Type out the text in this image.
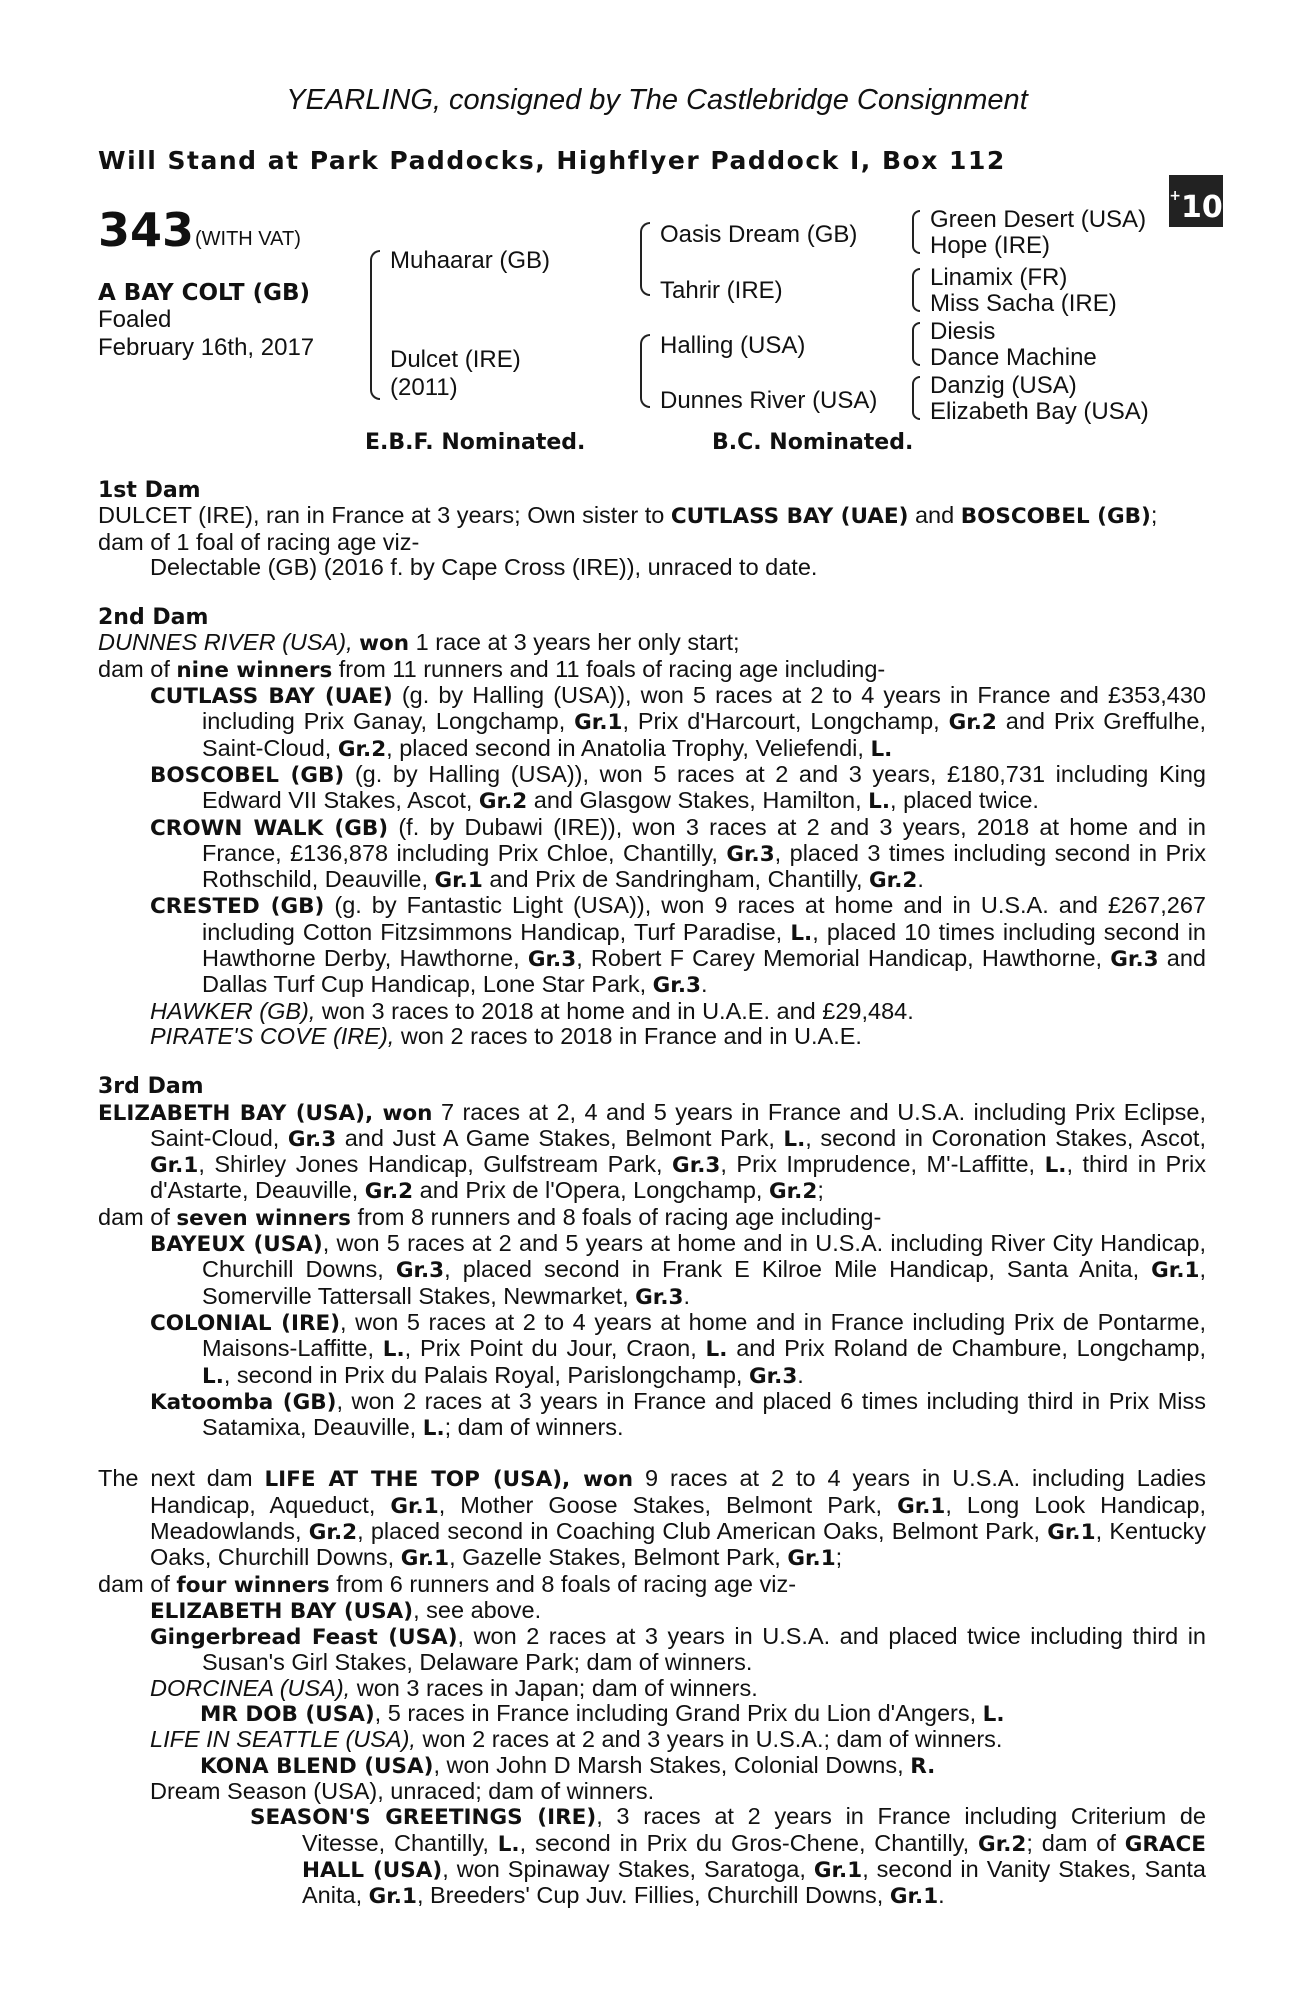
YEARLING, consigned by The Castlebridge Consignment
Will Stand at Park Paddocks, Highflyer Paddock I, Box 112
+10
343 (WITH VAT)
A BAY COLT (GB)
Foaled
February 16th, 2017
Muhaarar (GB)
Dulcet (IRE)
(2011)
Oasis Dream (GB)
Tahrir (IRE)
Halling (USA)
Dunnes River (USA)
Green Desert (USA)
Hope (IRE)
Linamix (FR)
Miss Sacha (IRE)
Diesis
Dance Machine
Danzig (USA)
Elizabeth Bay (USA)
E.B.F. Nominated.	B.C. Nominated.
1st Dam

DULCET (IRE), ran in France at 3 years; Own sister to CUTLASS BAY (UAE) and BOSCOBEL (GB);

dam of 1 foal of racing age viz-

Delectable (GB) (2016 f. by Cape Cross (IRE)), unraced to date.

2nd Dam

DUNNES RIVER (USA), won 1 race at 3 years her only start;

dam of nine winners from 11 runners and 11 foals of racing age including-

CUTLASS BAY (UAE) (g. by Halling (USA)), won 5 races at 2 to 4 years in France and £353,430 including Prix Ganay, Longchamp, Gr.1, Prix d'Harcourt, Longchamp, Gr.2 and Prix Greffulhe, Saint-Cloud, Gr.2, placed second in Anatolia Trophy, Veliefendi, L.

BOSCOBEL (GB) (g. by Halling (USA)), won 5 races at 2 and 3 years, £180,731 including King Edward VII Stakes, Ascot, Gr.2 and Glasgow Stakes, Hamilton, L., placed twice.

CROWN WALK (GB) (f. by Dubawi (IRE)), won 3 races at 2 and 3 years, 2018 at home and in France, £136,878 including Prix Chloe, Chantilly, Gr.3, placed 3 times including second in Prix Rothschild, Deauville, Gr.1 and Prix de Sandringham, Chantilly, Gr.2.

CRESTED (GB) (g. by Fantastic Light (USA)), won 9 races at home and in U.S.A. and £267,267 including Cotton Fitzsimmons Handicap, Turf Paradise, L., placed 10 times including second in Hawthorne Derby, Hawthorne, Gr.3, Robert F Carey Memorial Handicap, Hawthorne, Gr.3 and Dallas Turf Cup Handicap, Lone Star Park, Gr.3.

HAWKER (GB), won 3 races to 2018 at home and in U.A.E. and £29,484.

PIRATE'S COVE (IRE), won 2 races to 2018 in France and in U.A.E.

3rd Dam

ELIZABETH BAY (USA), won 7 races at 2, 4 and 5 years in France and U.S.A. including Prix Eclipse, Saint-Cloud, Gr.3 and Just A Game Stakes, Belmont Park, L., second in Coronation Stakes, Ascot, Gr.1, Shirley Jones Handicap, Gulfstream Park, Gr.3, Prix Imprudence, M'-Laffitte, L., third in Prix d'Astarte, Deauville, Gr.2 and Prix de l'Opera, Longchamp, Gr.2;

dam of seven winners from 8 runners and 8 foals of racing age including-

BAYEUX (USA), won 5 races at 2 and 5 years at home and in U.S.A. including River City Handicap, Churchill Downs, Gr.3, placed second in Frank E Kilroe Mile Handicap, Santa Anita, Gr.1, Somerville Tattersall Stakes, Newmarket, Gr.3.

COLONIAL (IRE), won 5 races at 2 to 4 years at home and in France including Prix de Pontarme, Maisons-Laffitte, L., Prix Point du Jour, Craon, L. and Prix Roland de Chambure, Longchamp, L., second in Prix du Palais Royal, Parislongchamp, Gr.3.

Katoomba (GB), won 2 races at 3 years in France and placed 6 times including third in Prix Miss Satamixa, Deauville, L.; dam of winners.

The next dam LIFE AT THE TOP (USA), won 9 races at 2 to 4 years in U.S.A. including Ladies Handicap, Aqueduct, Gr.1, Mother Goose Stakes, Belmont Park, Gr.1, Long Look Handicap, Meadowlands, Gr.2, placed second in Coaching Club American Oaks, Belmont Park, Gr.1, Kentucky Oaks, Churchill Downs, Gr.1, Gazelle Stakes, Belmont Park, Gr.1;

dam of four winners from 6 runners and 8 foals of racing age viz-

ELIZABETH BAY (USA), see above.

Gingerbread Feast (USA), won 2 races at 3 years in U.S.A. and placed twice including third in Susan's Girl Stakes, Delaware Park; dam of winners.

DORCINEA (USA), won 3 races in Japan; dam of winners.

MR DOB (USA), 5 races in France including Grand Prix du Lion d'Angers, L.

LIFE IN SEATTLE (USA), won 2 races at 2 and 3 years in U.S.A.; dam of winners.

KONA BLEND (USA), won John D Marsh Stakes, Colonial Downs, R.

Dream Season (USA), unraced; dam of winners.

SEASON'S GREETINGS (IRE), 3 races at 2 years in France including Criterium de Vitesse, Chantilly, L., second in Prix du Gros-Chene, Chantilly, Gr.2; dam of GRACE HALL (USA), won Spinaway Stakes, Saratoga, Gr.1, second in Vanity Stakes, Santa Anita, Gr.1, Breeders' Cup Juv. Fillies, Churchill Downs, Gr.1.
